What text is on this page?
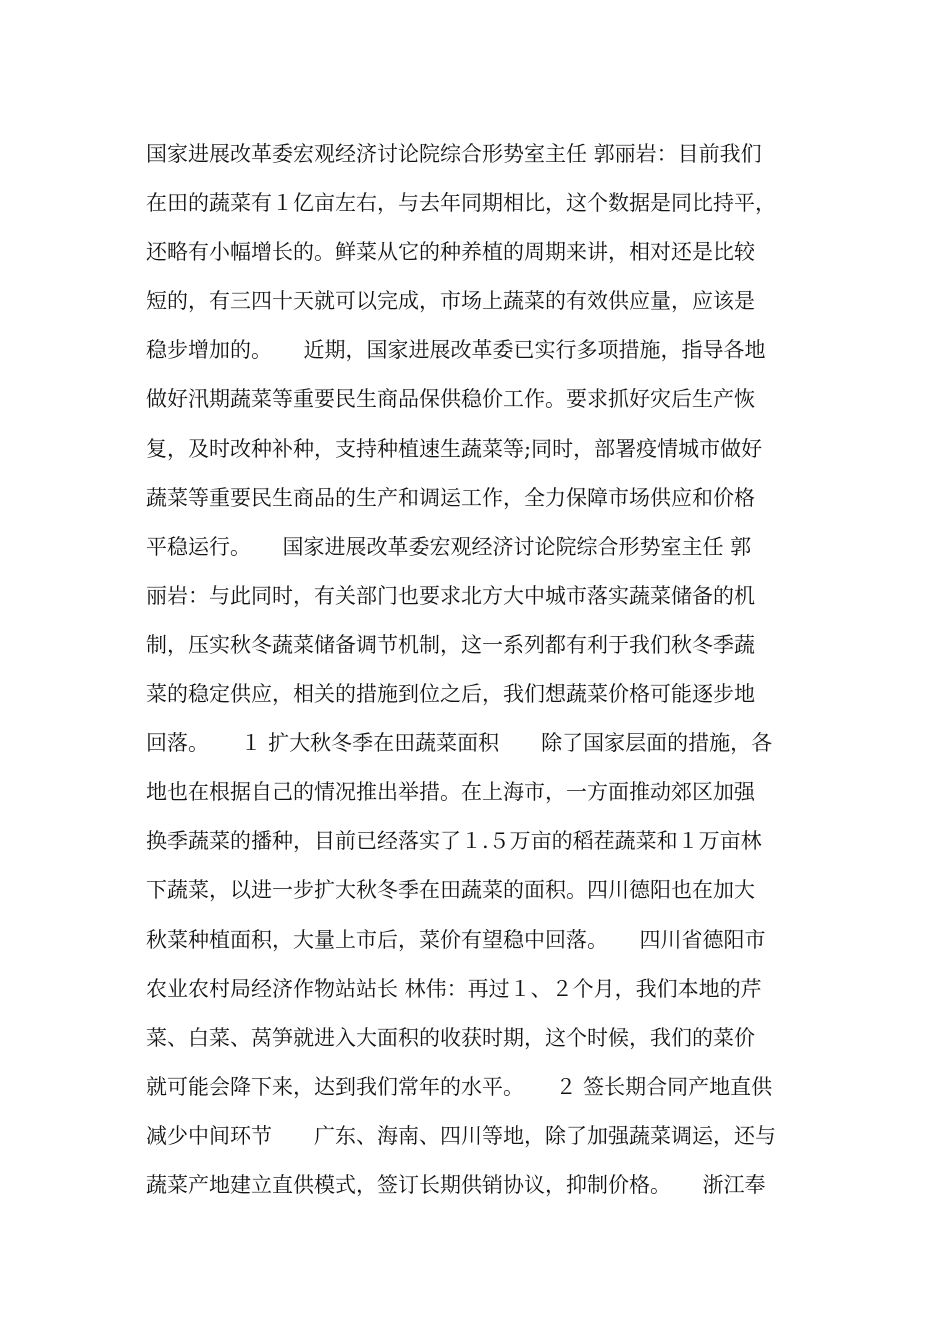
国家进展改革委宏观经济讨论院综合形势室主任 郭丽岩：目前我们
在田的蔬菜有１亿亩左右，与去年同期相比，这个数据是同比持平，
还略有小幅增长的。鲜菜从它的种养植的周期来讲，相对还是比较
短的，有三四十天就可以完成，市场上蔬菜的有效供应量，应该是
稳步增加的。　　近期，国家进展改革委已实行多项措施，指导各地
做好汛期蔬菜等重要民生商品保供稳价工作。要求抓好灾后生产恢
复，及时改种补种，支持种植速生蔬菜等;同时，部署疫情城市做好
蔬菜等重要民生商品的生产和调运工作，全力保障市场供应和价格
平稳运行。　　国家进展改革委宏观经济讨论院综合形势室主任 郭
丽岩：与此同时，有关部门也要求北方大中城市落实蔬菜储备的机
制，压实秋冬蔬菜储备调节机制，这一系列都有利于我们秋冬季蔬
菜的稳定供应，相关的措施到位之后，我们想蔬菜价格可能逐步地
回落。　　１ 扩大秋冬季在田蔬菜面积　　除了国家层面的措施，各
地也在根据自己的情况推出举措。在上海市，一方面推动郊区加强
换季蔬菜的播种，目前已经落实了１.５万亩的稻茬蔬菜和１万亩林
下蔬菜，以进一步扩大秋冬季在田蔬菜的面积。四川德阳也在加大
秋菜种植面积，大量上市后，菜价有望稳中回落。　　四川省德阳市
农业农村局经济作物站站长 林伟：再过１、２个月，我们本地的芹
菜、白菜、莴笋就进入大面积的收获时期，这个时候，我们的菜价
就可能会降下来，达到我们常年的水平。　　２ 签长期合同产地直供
减少中间环节　　广东、海南、四川等地，除了加强蔬菜调运，还与
蔬菜产地建立直供模式，签订长期供销协议，抑制价格。　　浙江奉
